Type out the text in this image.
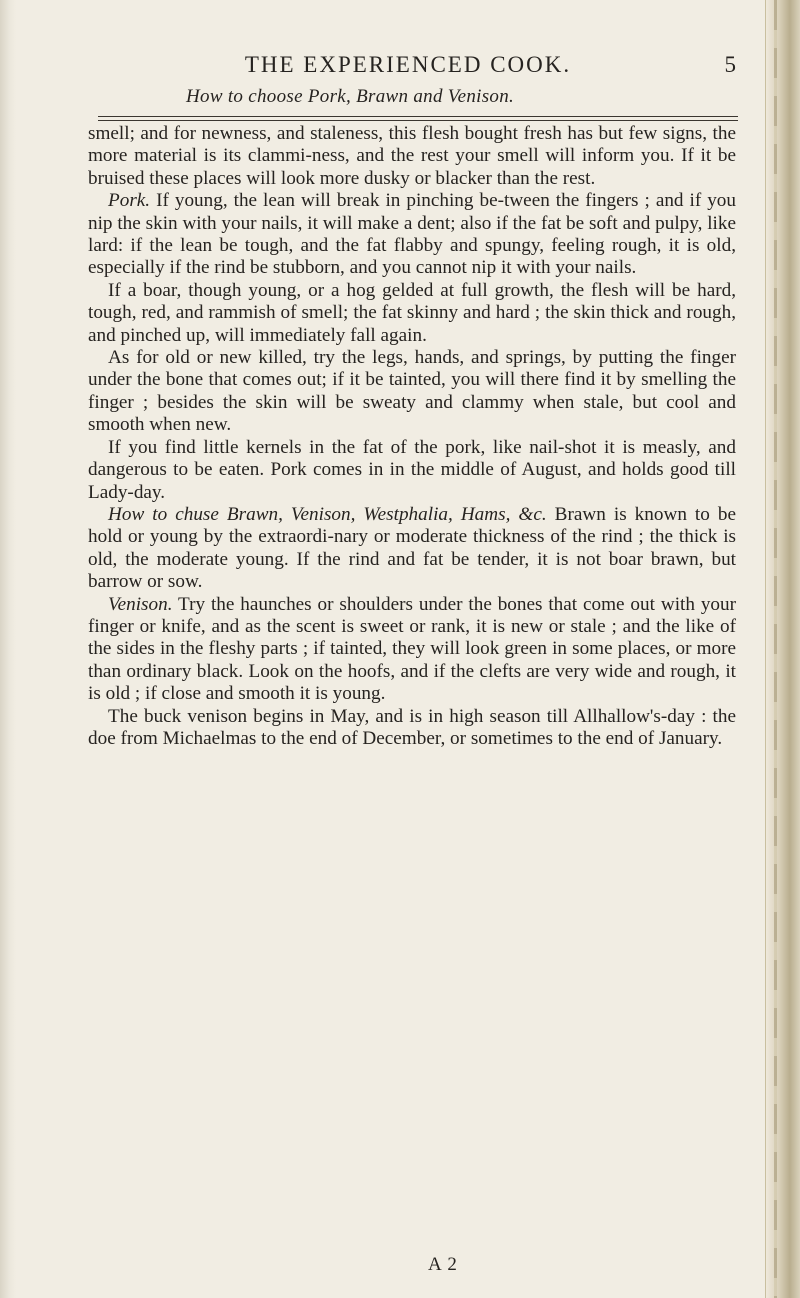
THE EXPERIENCED COOK.	5
How to choose Pork, Brawn and Venison.

smell; and for newness, and staleness, this flesh bought fresh has but few signs, the more material is its clammi-ness, and the rest your smell will inform you. If it be bruised these places will look more dusky or blacker than the rest.

Pork. If young, the lean will break in pinching be-tween the fingers ; and if you nip the skin with your nails, it will make a dent; also if the fat be soft and pulpy, like lard: if the lean be tough, and the fat flabby and spungy, feeling rough, it is old, especially if the rind be stubborn, and you cannot nip it with your nails.

If a boar, though young, or a hog gelded at full growth, the flesh will be hard, tough, red, and rammish of smell; the fat skinny and hard ; the skin thick and rough, and pinched up, will immediately fall again.

As for old or new killed, try the legs, hands, and springs, by putting the finger under the bone that comes out; if it be tainted, you will there find it by smelling the finger ; besides the skin will be sweaty and clammy when stale, but cool and smooth when new.

If you find little kernels in the fat of the pork, like nail-shot it is measly, and dangerous to be eaten. Pork comes in in the middle of August, and holds good till Lady-day.

How to chuse Brawn, Venison, Westphalia, Hams, &c. Brawn is known to be hold or young by the extraordi-nary or moderate thickness of the rind ; the thick is old, the moderate young. If the rind and fat be tender, it is not boar brawn, but barrow or sow.

Venison. Try the haunches or shoulders under the bones that come out with your finger or knife, and as the scent is sweet or rank, it is new or stale ; and the like of the sides in the fleshy parts ; if tainted, they will look green in some places, or more than ordinary black. Look on the hoofs, and if the clefts are very wide and rough, it is old ; if close and smooth it is young.

The buck venison begins in May, and is in high season till Allhallow's-day : the doe from Michaelmas to the end of December, or sometimes to the end of January.

A 2
